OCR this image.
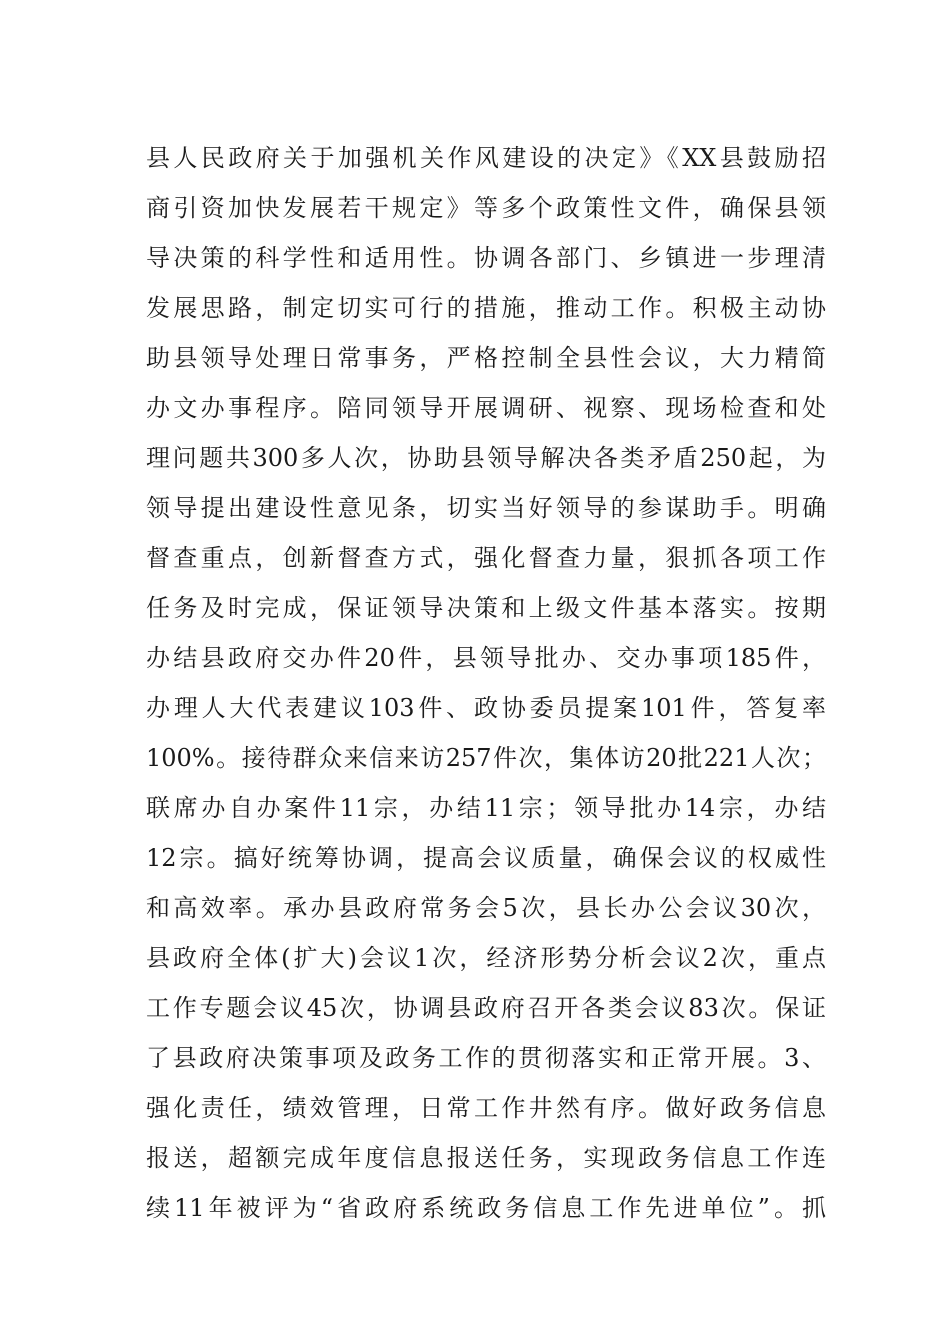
县人民政府关于加强机关作风建设的决定》《XX县鼓励招
商引资加快发展若干规定》等多个政策性文件，确保县领
导决策的科学性和适用性。协调各部门、乡镇进一步理清
发展思路，制定切实可行的措施，推动工作。积极主动协
助县领导处理日常事务，严格控制全县性会议，大力精简
办文办事程序。陪同领导开展调研、视察、现场检查和处
理问题共300多人次，协助县领导解决各类矛盾250起，为
领导提出建设性意见条，切实当好领导的参谋助手。明确
督查重点，创新督查方式，强化督查力量，狠抓各项工作
任务及时完成，保证领导决策和上级文件基本落实。按期
办结县政府交办件20件，县领导批办、交办事项185件，
办理人大代表建议103件、政协委员提案101件，答复率
100%。接待群众来信来访257件次，集体访20批221人次；
联席办自办案件11宗，办结11宗；领导批办14宗，办结
12宗。搞好统筹协调，提高会议质量，确保会议的权威性
和高效率。承办县政府常务会5次，县长办公会议30次，
县政府全体(扩大)会议1次，经济形势分析会议2次，重点
工作专题会议45次，协调县政府召开各类会议83次。保证
了县政府决策事项及政务工作的贯彻落实和正常开展。3、
强化责任，绩效管理，日常工作井然有序。做好政务信息
报送，超额完成年度信息报送任务，实现政务信息工作连
续11年被评为“省政府系统政务信息工作先进单位”。抓
